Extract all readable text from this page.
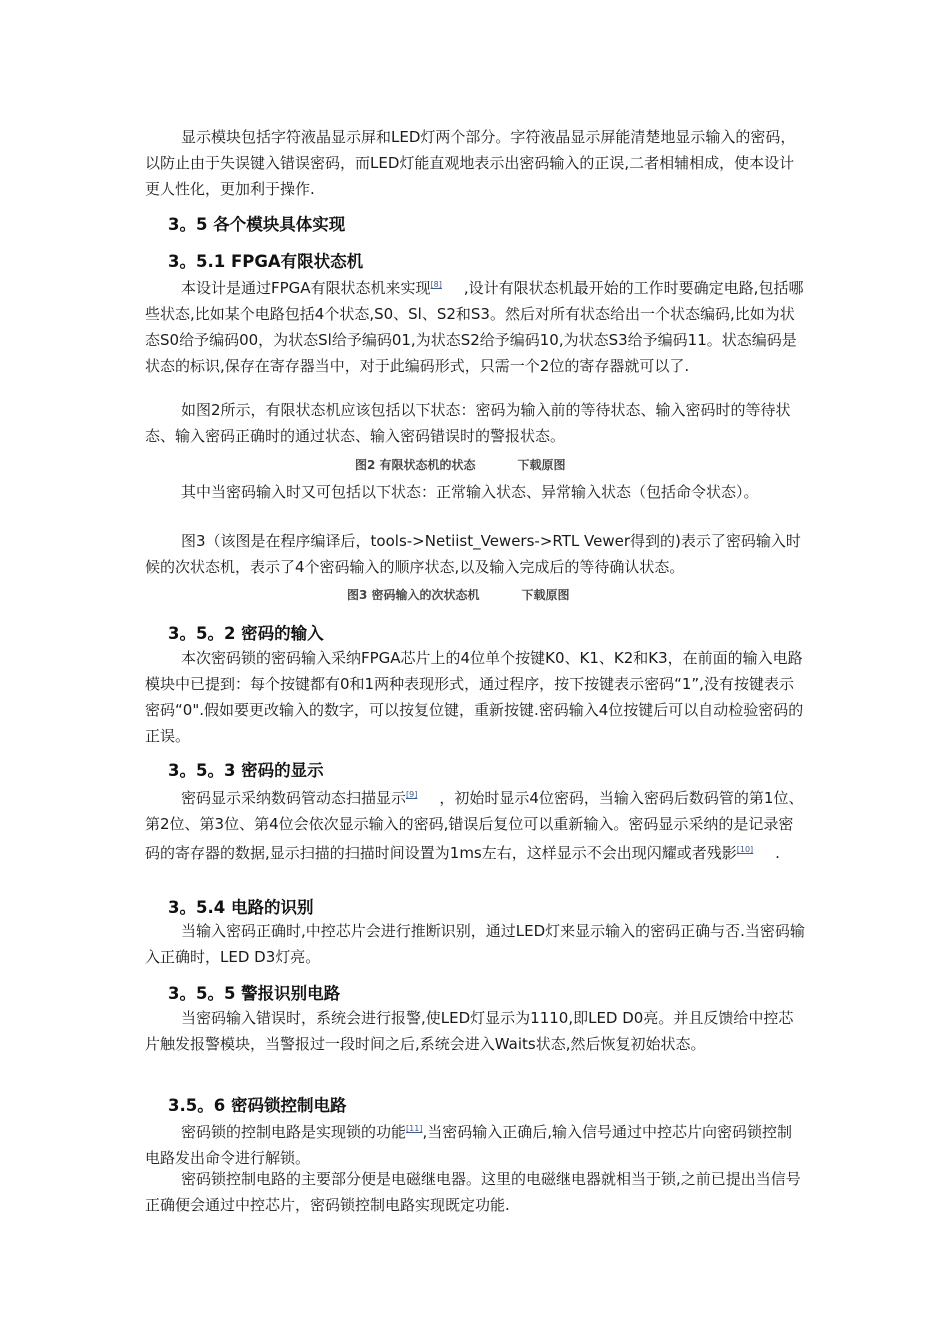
显示模块包括字符液晶显示屏和LED灯两个部分。字符液晶显示屏能清楚地显示输入的密码，以防止由于失误键入错误密码，而LED灯能直观地表示出密码输入的正误,二者相辅相成，使本设计更人性化，更加利于操作.

3。5 各个模块具体实现
3。5.1 FPGA有限状态机

本设计是通过FPGA有限状态机来实现[8] ,设计有限状态机最开始的工作时要确定电路,包括哪些状态,比如某个电路包括4个状态,S0、Sl、S2和S3。然后对所有状态给出一个状态编码,比如为状态S0给予编码00，为状态Sl给予编码01,为状态S2给予编码10,为状态S3给予编码11。状态编码是状态的标识,保存在寄存器当中，对于此编码形式，只需一个2位的寄存器就可以了.

如图2所示，有限状态机应该包括以下状态：密码为输入前的等待状态、输入密码时的等待状态、输入密码正确时的通过状态、输入密码错误时的警报状态。

图2 有限状态机的状态	下载原图

其中当密码输入时又可包括以下状态：正常输入状态、异常输入状态（包括命令状态）。

图3（该图是在程序编译后，tools->Netiist_Vewers->RTL Vewer得到的)表示了密码输入时候的次状态机，表示了4个密码输入的顺序状态,以及输入完成后的等待确认状态。

图3 密码输入的次状态机	下载原图
3。5。2 密码的输入

本次密码锁的密码输入采纳FPGA芯片上的4位单个按键K0、K1、K2和K3，在前面的输入电路模块中已提到：每个按键都有0和1两种表现形式，通过程序，按下按键表示密码“1”,没有按键表示密码“0".假如要更改输入的数字，可以按复位键，重新按键.密码输入4位按键后可以自动检验密码的正误。

3。5。3 密码的显示

密码显示采纳数码管动态扫描显示[9] ，初始时显示4位密码，当输入密码后数码管的第1位、第2位、第3位、第4位会依次显示输入的密码,错误后复位可以重新输入。密码显示采纳的是记录密码的寄存器的数据,显示扫描的扫描时间设置为1ms左右，这样显示不会出现闪耀或者残影[10] .

3。5.4 电路的识别

当输入密码正确时,中控芯片会进行推断识别，通过LED灯来显示输入的密码正确与否.当密码输入正确时，LED D3灯亮。

3。5。5 警报识别电路

当密码输入错误时，系统会进行报警,使LED灯显示为1110,即LED D0亮。并且反馈给中控芯片触发报警模块，当警报过一段时间之后,系统会进入Waits状态,然后恢复初始状态。

3.5。6 密码锁控制电路

密码锁的控制电路是实现锁的功能[11],当密码输入正确后,输入信号通过中控芯片向密码锁控制电路发出命令进行解锁。

密码锁控制电路的主要部分便是电磁继电器。这里的电磁继电器就相当于锁,之前已提出当信号正确便会通过中控芯片，密码锁控制电路实现既定功能.
